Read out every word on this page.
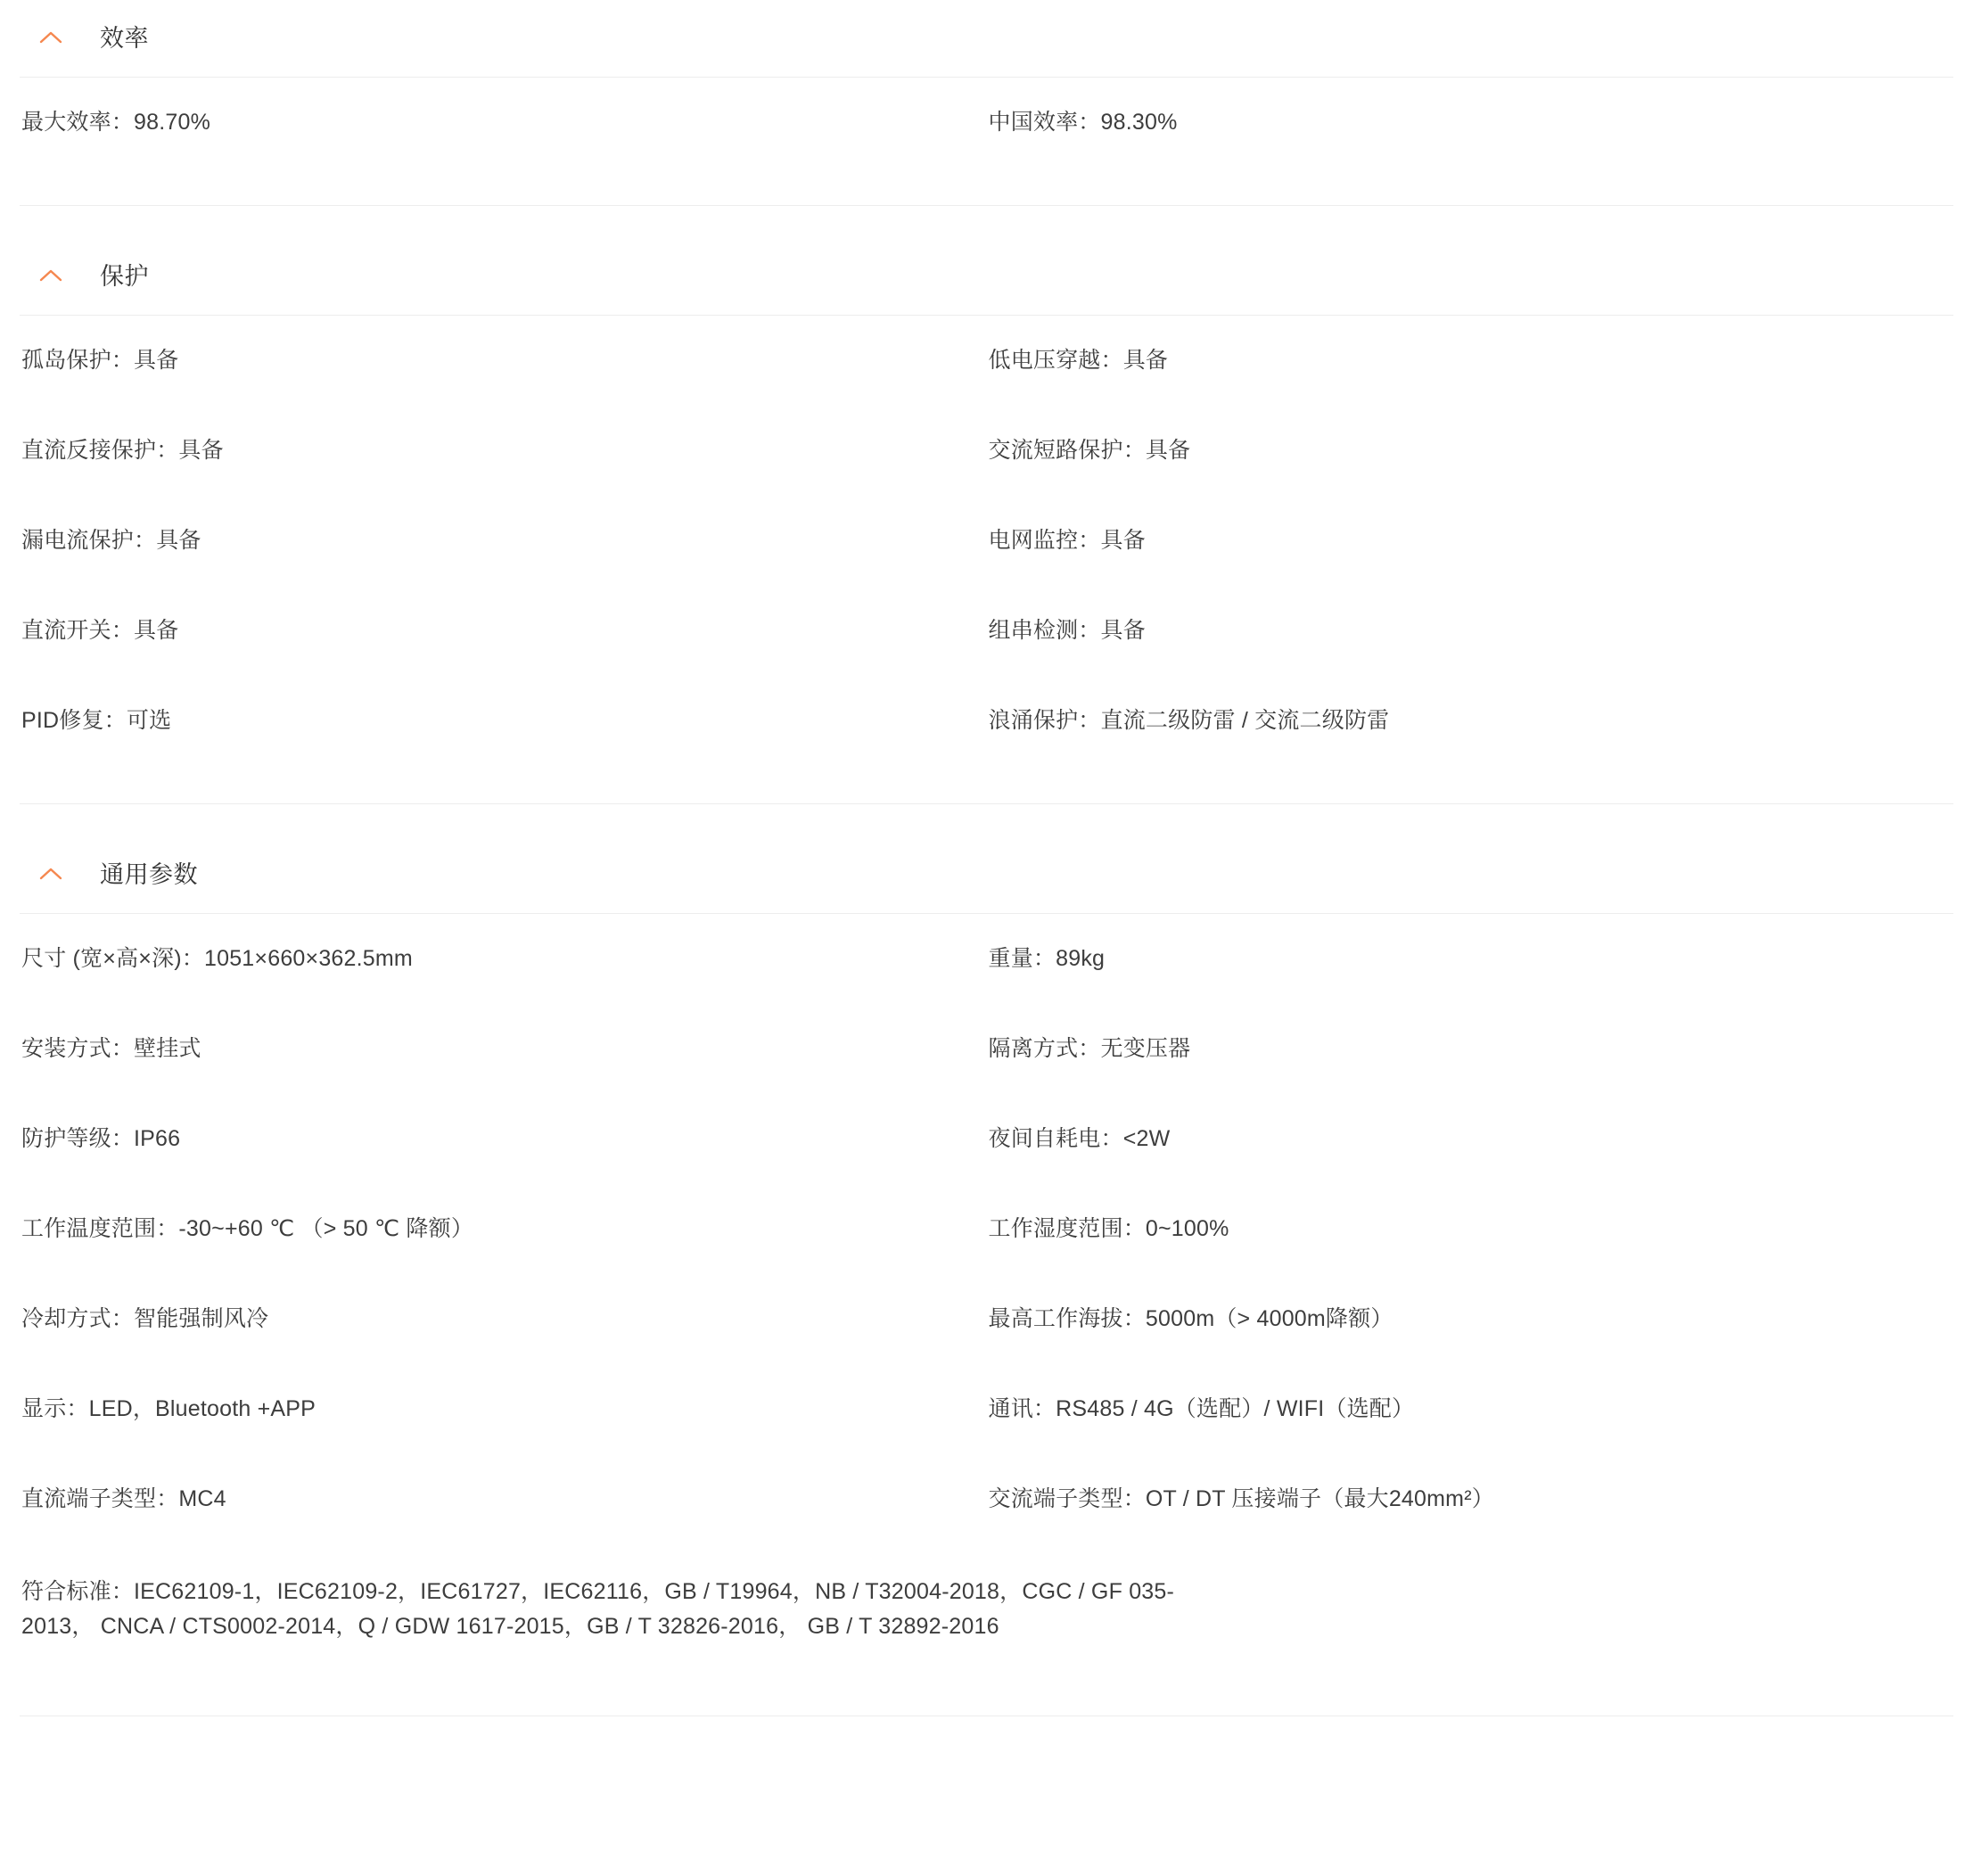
效率
最大效率： 98.70%	中国效率： 98.30%
保护
孤岛保护： 具备	低电压穿越： 具备
直流反接保护： 具备	交流短路保护： 具备
漏电流保护： 具备	电网监控： 具备
直流开关： 具备	组串检测： 具备
PID修复： 可选	浪涌保护： 直流二级防雷 / 交流二级防雷
通用参数
尺寸 (宽×高×深)： 1051×660×362.5mm	重量： 89kg
安装方式： 壁挂式	隔离方式： 无变压器
防护等级： IP66	夜间自耗电： <2W
工作温度范围： -30~+60 ℃ （> 50 ℃ 降额）	工作湿度范围： 0~100%
冷却方式： 智能强制风冷	最高工作海拔： 5000m（> 4000m降额）
显示： LED，Bluetooth +APP	通讯： RS485 / 4G（选配）/ WIFI（选配）
直流端子类型： MC4	交流端子类型： OT / DT 压接端子（最大240mm²）
符合标准：IEC62109-1，IEC62109-2，IEC61727，IEC62116，GB / T19964，NB / T32004-2018，CGC / GF 035-2013， CNCA / CTS0002-2014，Q / GDW 1617-2015，GB / T 32826-2016， GB / T 32892-2016
